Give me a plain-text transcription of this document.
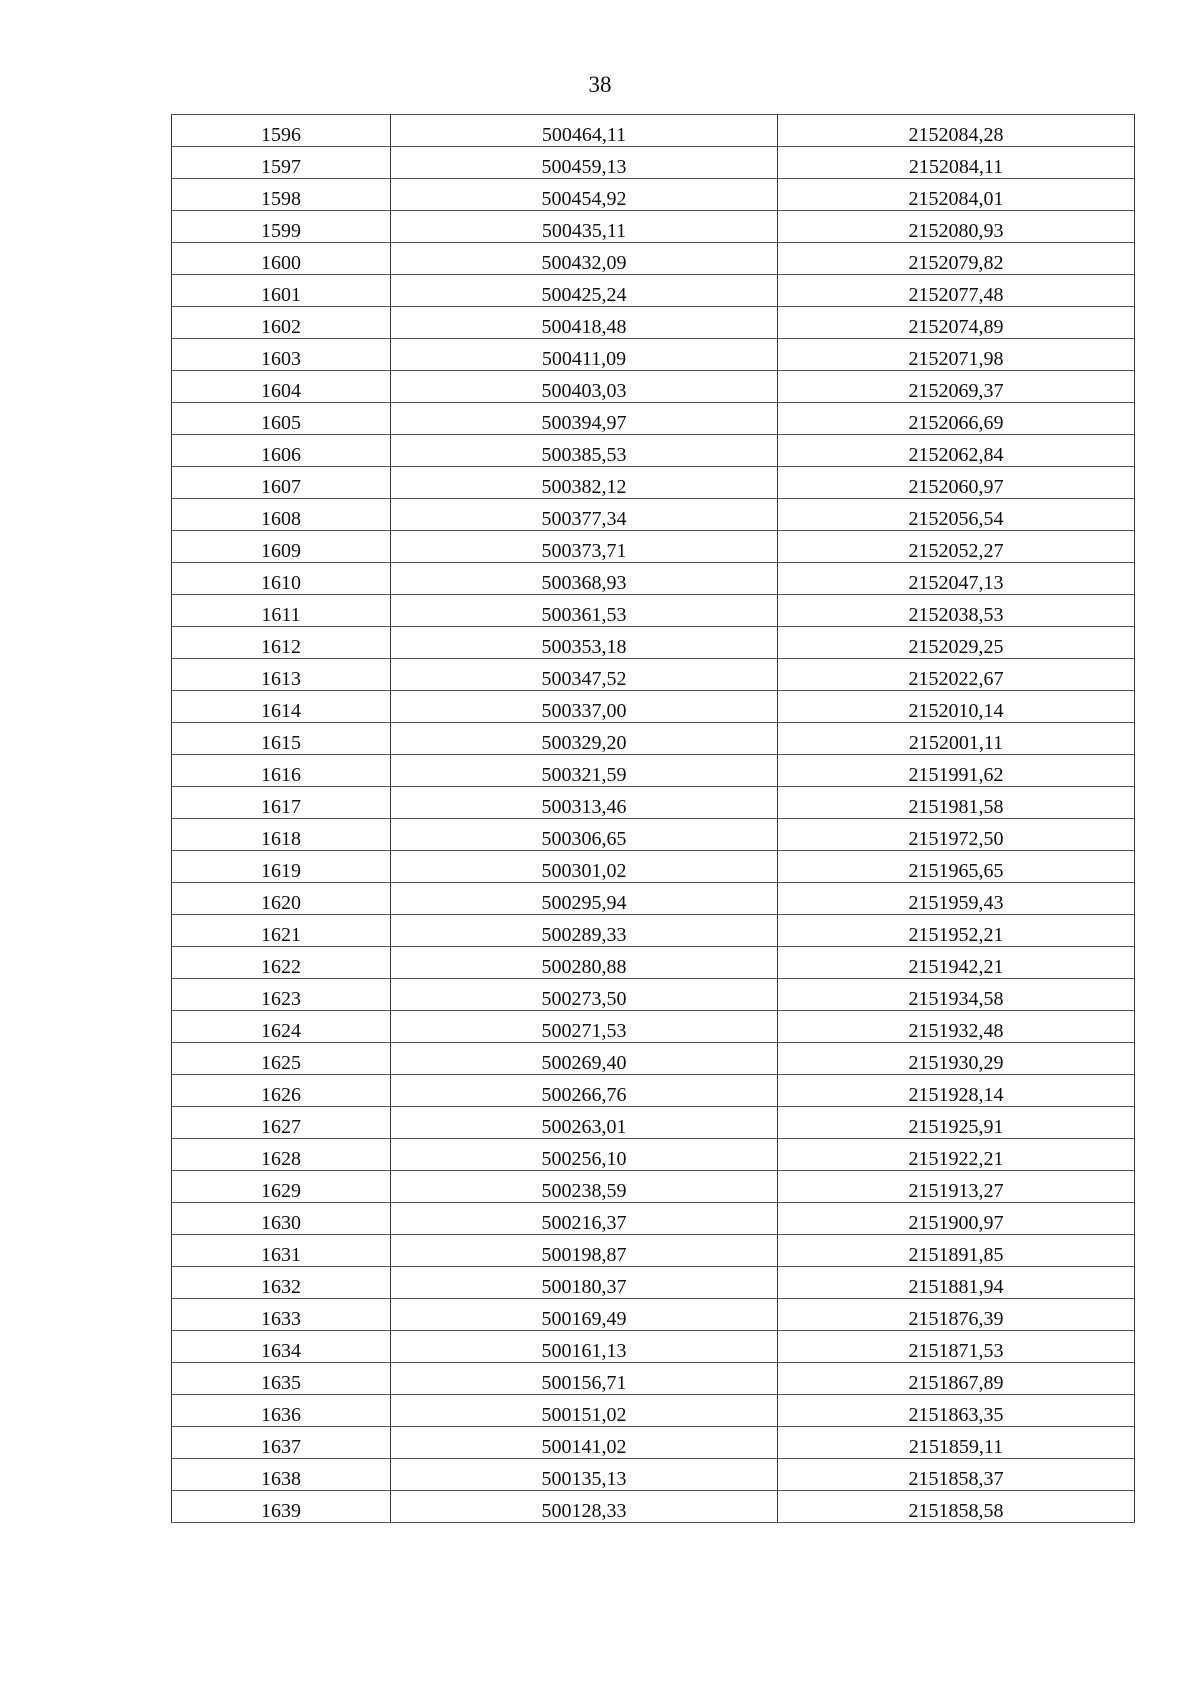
38
1596	500464,11	2152084,28
1597	500459,13	2152084,11
1598	500454,92	2152084,01
1599	500435,11	2152080,93
1600	500432,09	2152079,82
1601	500425,24	2152077,48
1602	500418,48	2152074,89
1603	500411,09	2152071,98
1604	500403,03	2152069,37
1605	500394,97	2152066,69
1606	500385,53	2152062,84
1607	500382,12	2152060,97
1608	500377,34	2152056,54
1609	500373,71	2152052,27
1610	500368,93	2152047,13
1611	500361,53	2152038,53
1612	500353,18	2152029,25
1613	500347,52	2152022,67
1614	500337,00	2152010,14
1615	500329,20	2152001,11
1616	500321,59	2151991,62
1617	500313,46	2151981,58
1618	500306,65	2151972,50
1619	500301,02	2151965,65
1620	500295,94	2151959,43
1621	500289,33	2151952,21
1622	500280,88	2151942,21
1623	500273,50	2151934,58
1624	500271,53	2151932,48
1625	500269,40	2151930,29
1626	500266,76	2151928,14
1627	500263,01	2151925,91
1628	500256,10	2151922,21
1629	500238,59	2151913,27
1630	500216,37	2151900,97
1631	500198,87	2151891,85
1632	500180,37	2151881,94
1633	500169,49	2151876,39
1634	500161,13	2151871,53
1635	500156,71	2151867,89
1636	500151,02	2151863,35
1637	500141,02	2151859,11
1638	500135,13	2151858,37
1639	500128,33	2151858,58
